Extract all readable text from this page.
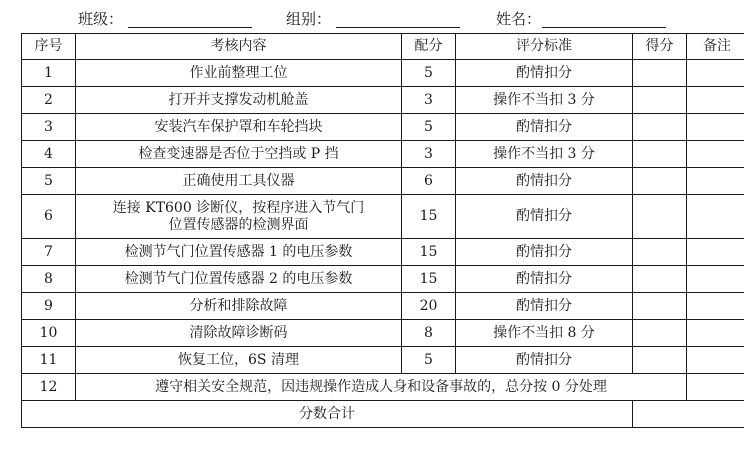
班级：	组别：	姓名：
序号	考核内容	配分	评分标准	得分	备注
1	作业前整理工位	5	酌情扣分		
2	打开并支撑发动机舱盖	3	操作不当扣 3 分		
3	安装汽车保护罩和车轮挡块	5	酌情扣分		
4	检查变速器是否位于空挡或 P 挡	3	操作不当扣 3 分		
5	正确使用工具仪器	6	酌情扣分		
6	连接 KT600 诊断仪，按程序进入节气门
位置传感器的检测界面	15	酌情扣分		
7	检测节气门位置传感器 1 的电压参数	15	酌情扣分		
8	检测节气门位置传感器 2 的电压参数	15	酌情扣分		
9	分析和排除故障	20	酌情扣分		
10	清除故障诊断码	8	操作不当扣 8 分		
11	恢复工位，6S 清理	5	酌情扣分		
12	遵守相关安全规范，因违规操作造成人身和设备事故的，总分按 0 分处理				
分数合计					
